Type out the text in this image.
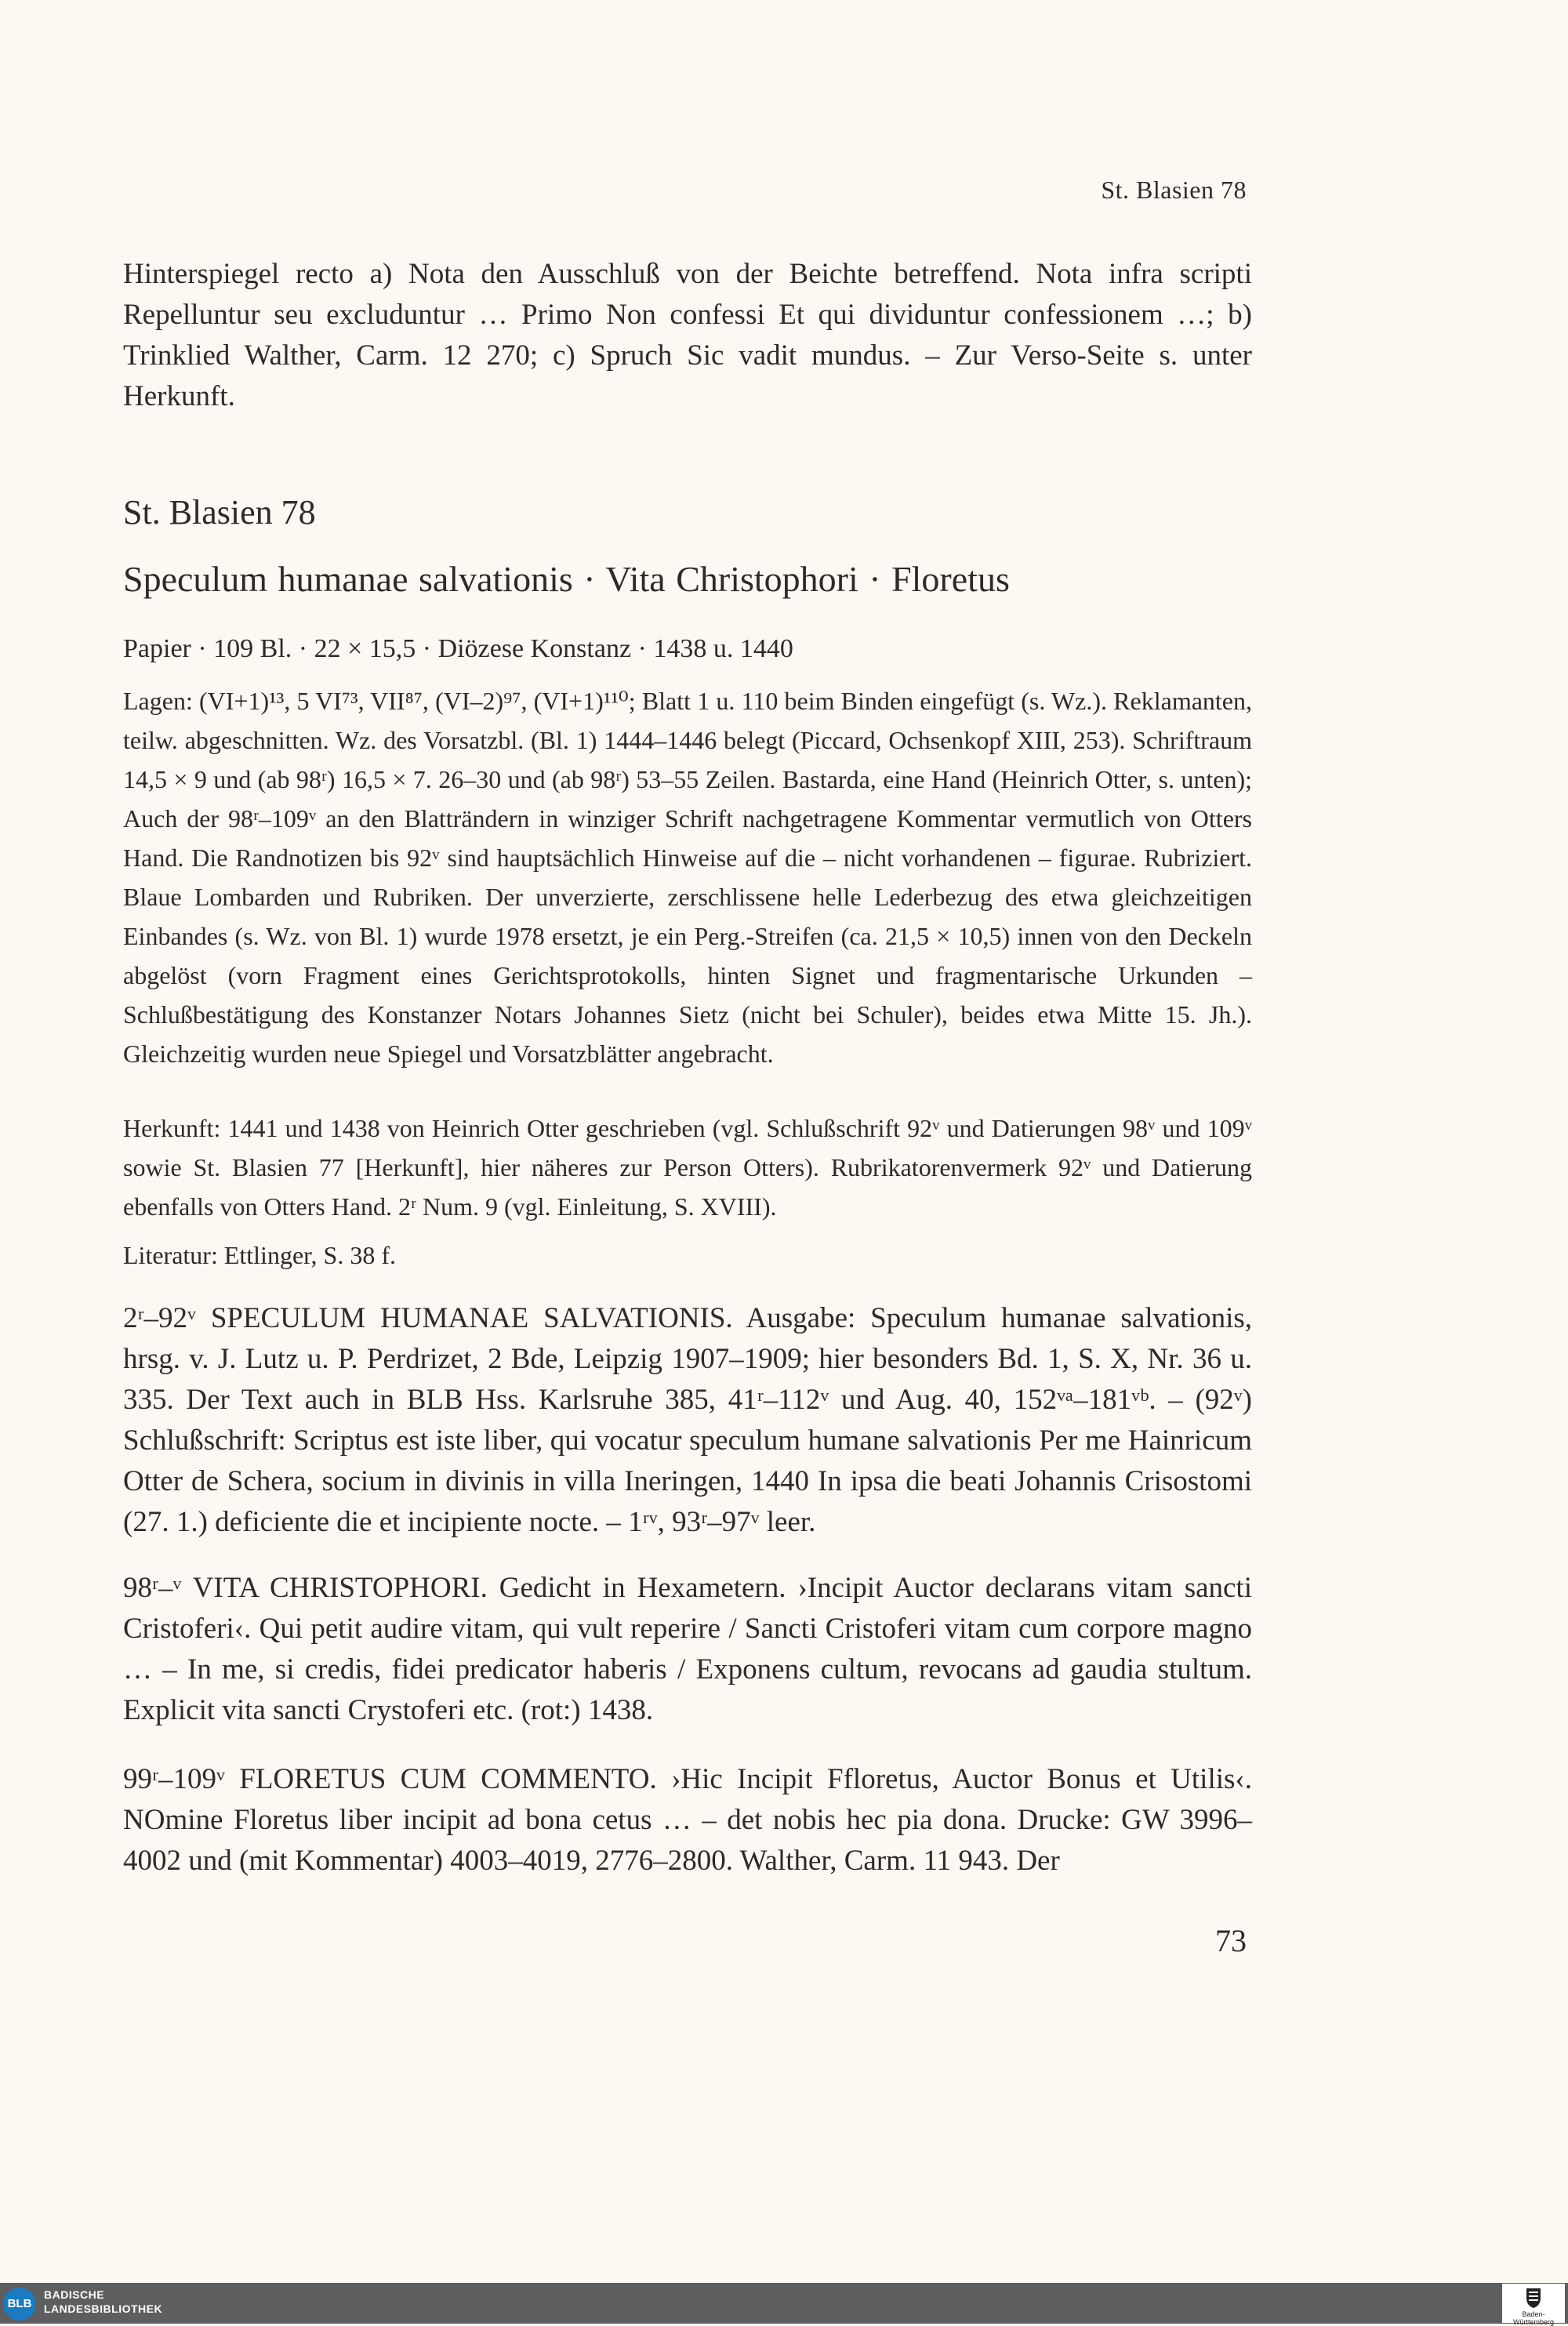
St. Blasien 78

Hinterspiegel recto a) Nota den Ausschluß von der Beichte betreffend. Nota infra scripti Repelluntur seu excluduntur … Primo Non confessi Et qui dividuntur confessionem …; b) Trinklied Walther, Carm. 12 270; c) Spruch Sic vadit mundus. – Zur Verso-Seite s. unter Herkunft.

St. Blasien 78
Speculum humanae salvationis · Vita Christophori · Floretus

Papier · 109 Bl. · 22 × 15,5 · Diözese Konstanz · 1438 u. 1440

Lagen: (VI+1)¹³, 5 VI⁷³, VII⁸⁷, (VI–2)⁹⁷, (VI+1)¹¹⁰; Blatt 1 u. 110 beim Binden eingefügt (s. Wz.). Reklamanten, teilw. abgeschnitten. Wz. des Vorsatzbl. (Bl. 1) 1444–1446 belegt (Piccard, Ochsenkopf XIII, 253). Schriftraum 14,5 × 9 und (ab 98ʳ) 16,5 × 7. 26–30 und (ab 98ʳ) 53–55 Zeilen. Bastarda, eine Hand (Heinrich Otter, s. unten); Auch der 98ʳ–109ᵛ an den Blatträndern in winziger Schrift nachgetragene Kommentar vermutlich von Otters Hand. Die Randnotizen bis 92ᵛ sind hauptsächlich Hinweise auf die – nicht vorhandenen – figurae. Rubriziert. Blaue Lombarden und Rubriken. Der unverzierte, zerschlissene helle Lederbezug des etwa gleichzeitigen Einbandes (s. Wz. von Bl. 1) wurde 1978 ersetzt, je ein Perg.-Streifen (ca. 21,5 × 10,5) innen von den Deckeln abgelöst (vorn Fragment eines Gerichtsprotokolls, hinten Signet und fragmentarische Urkunden – Schlußbestätigung des Konstanzer Notars Johannes Sietz (nicht bei Schuler), beides etwa Mitte 15. Jh.). Gleichzeitig wurden neue Spiegel und Vorsatzblätter angebracht.

Herkunft: 1441 und 1438 von Heinrich Otter geschrieben (vgl. Schlußschrift 92ᵛ und Datierungen 98ᵛ und 109ᵛ sowie St. Blasien 77 [Herkunft], hier näheres zur Person Otters). Rubrikatorenvermerk 92ᵛ und Datierung ebenfalls von Otters Hand. 2ʳ Num. 9 (vgl. Einleitung, S. XVIII).

Literatur: Ettlinger, S. 38 f.

2ʳ–92ᵛ SPECULUM HUMANAE SALVATIONIS. Ausgabe: Speculum humanae salvationis, hrsg. v. J. Lutz u. P. Perdrizet, 2 Bde, Leipzig 1907–1909; hier besonders Bd. 1, S. X, Nr. 36 u. 335. Der Text auch in BLB Hss. Karlsruhe 385, 41ʳ–112ᵛ und Aug. 40, 152ᵛᵃ–181ᵛᵇ. – (92ᵛ) Schlußschrift: Scriptus est iste liber, qui vocatur speculum humane salvationis Per me Hainricum Otter de Schera, socium in divinis in villa Ineringen, 1440 In ipsa die beati Johannis Crisostomi (27. 1.) deficiente die et incipiente nocte. – 1ʳᵛ, 93ʳ–97ᵛ leer.

98ʳ–ᵛ VITA CHRISTOPHORI. Gedicht in Hexametern. ›Incipit Auctor declarans vitam sancti Cristoferi‹. Qui petit audire vitam, qui vult reperire / Sancti Cristoferi vitam cum corpore magno … – In me, si credis, fidei predicator haberis / Exponens cultum, revocans ad gaudia stultum. Explicit vita sancti Crystoferi etc. (rot:) 1438.

99ʳ–109ᵛ FLORETUS CUM COMMENTO. ›Hic Incipit Ffloretus, Auctor Bonus et Utilis‹. NOmine Floretus liber incipit ad bona cetus … – det nobis hec pia dona. Drucke: GW 3996–4002 und (mit Kommentar) 4003–4019, 2776–2800. Walther, Carm. 11 943. Der

73
BLB
BADISCHE
LANDESBIBLIOTHEK	Baden-Württemberg
